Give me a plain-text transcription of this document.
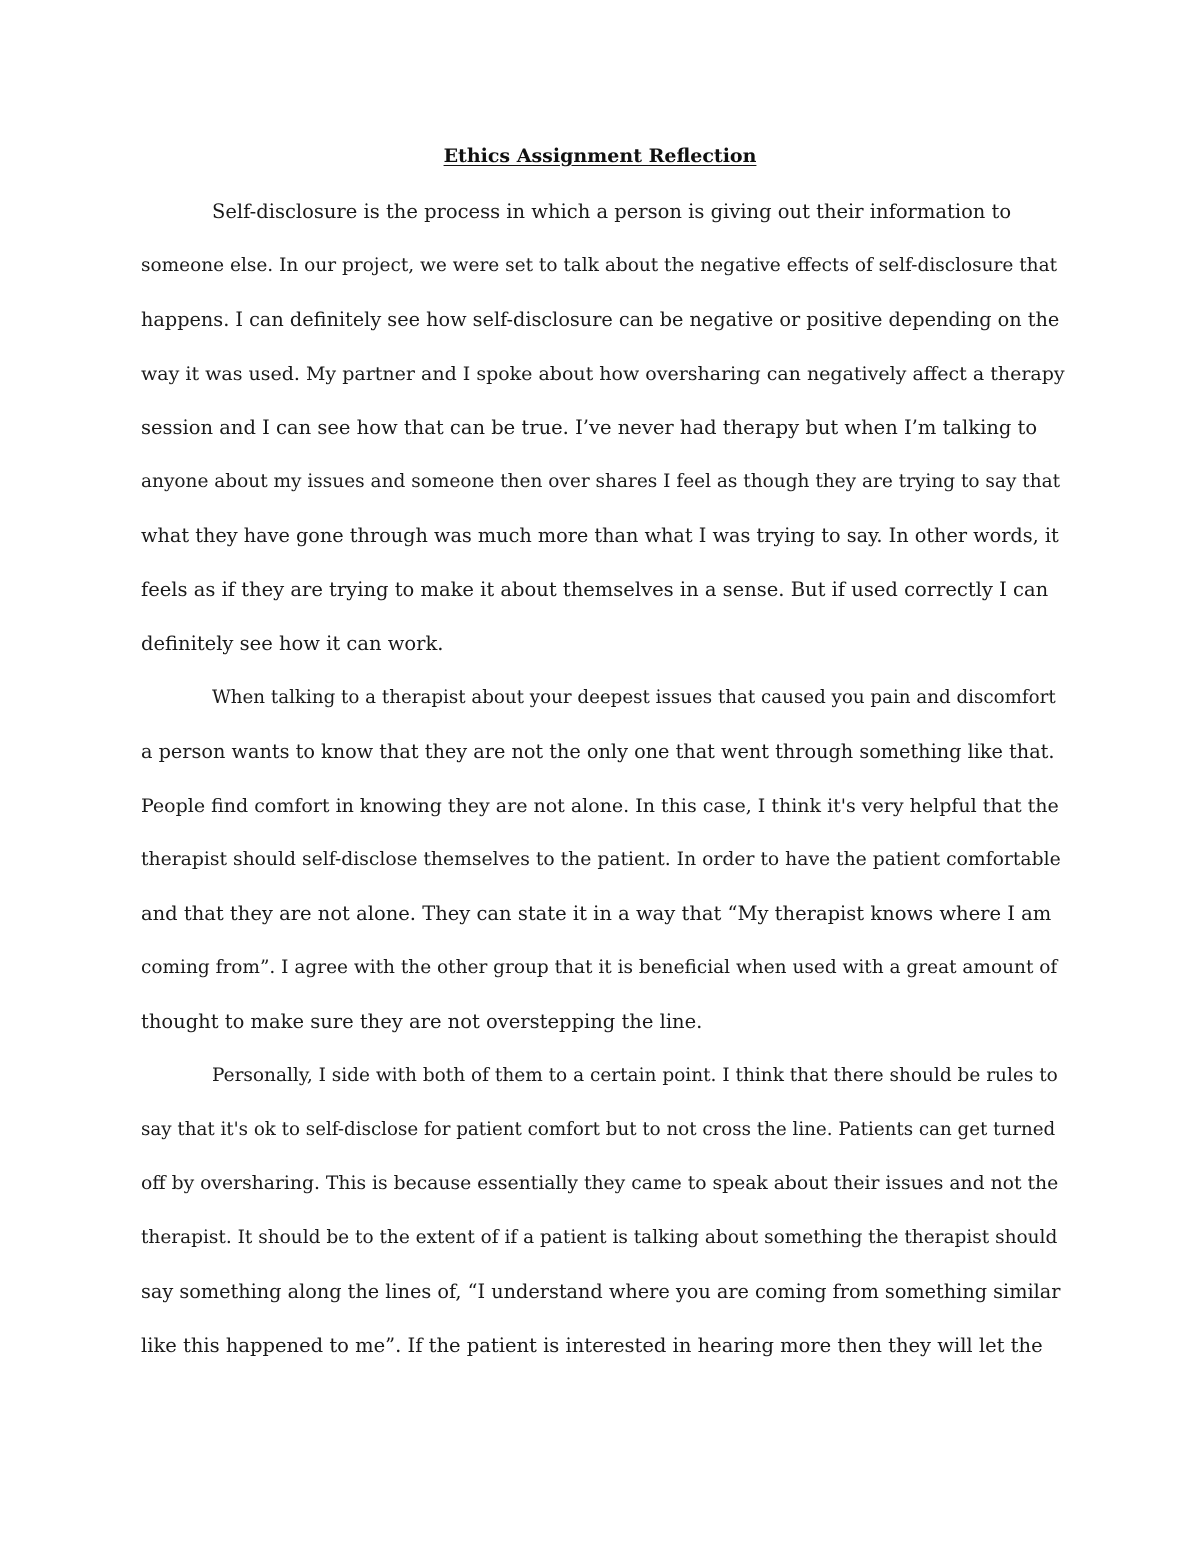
Ethics Assignment Reflection
Self-disclosure is the process in which a person is giving out their information to
someone else. In our project, we were set to talk about the negative effects of self-disclosure that
happens. I can definitely see how self-disclosure can be negative or positive depending on the
way it was used. My partner and I spoke about how oversharing can negatively affect a therapy
session and I can see how that can be true. I’ve never had therapy but when I’m talking to
anyone about my issues and someone then over shares I feel as though they are trying to say that
what they have gone through was much more than what I was trying to say. In other words, it
feels as if they are trying to make it about themselves in a sense. But if used correctly I can
definitely see how it can work.
When talking to a therapist about your deepest issues that caused you pain and discomfort
a person wants to know that they are not the only one that went through something like that.
People find comfort in knowing they are not alone. In this case, I think it's very helpful that the
therapist should self-disclose themselves to the patient. In order to have the patient comfortable
and that they are not alone. They can state it in a way that “My therapist knows where I am
coming from”. I agree with the other group that it is beneficial when used with a great amount of
thought to make sure they are not overstepping the line.
Personally, I side with both of them to a certain point. I think that there should be rules to
say that it's ok to self-disclose for patient comfort but to not cross the line. Patients can get turned
off by oversharing. This is because essentially they came to speak about their issues and not the
therapist. It should be to the extent of if a patient is talking about something the therapist should
say something along the lines of, “I understand where you are coming from something similar
like this happened to me”. If the patient is interested in hearing more then they will let the
